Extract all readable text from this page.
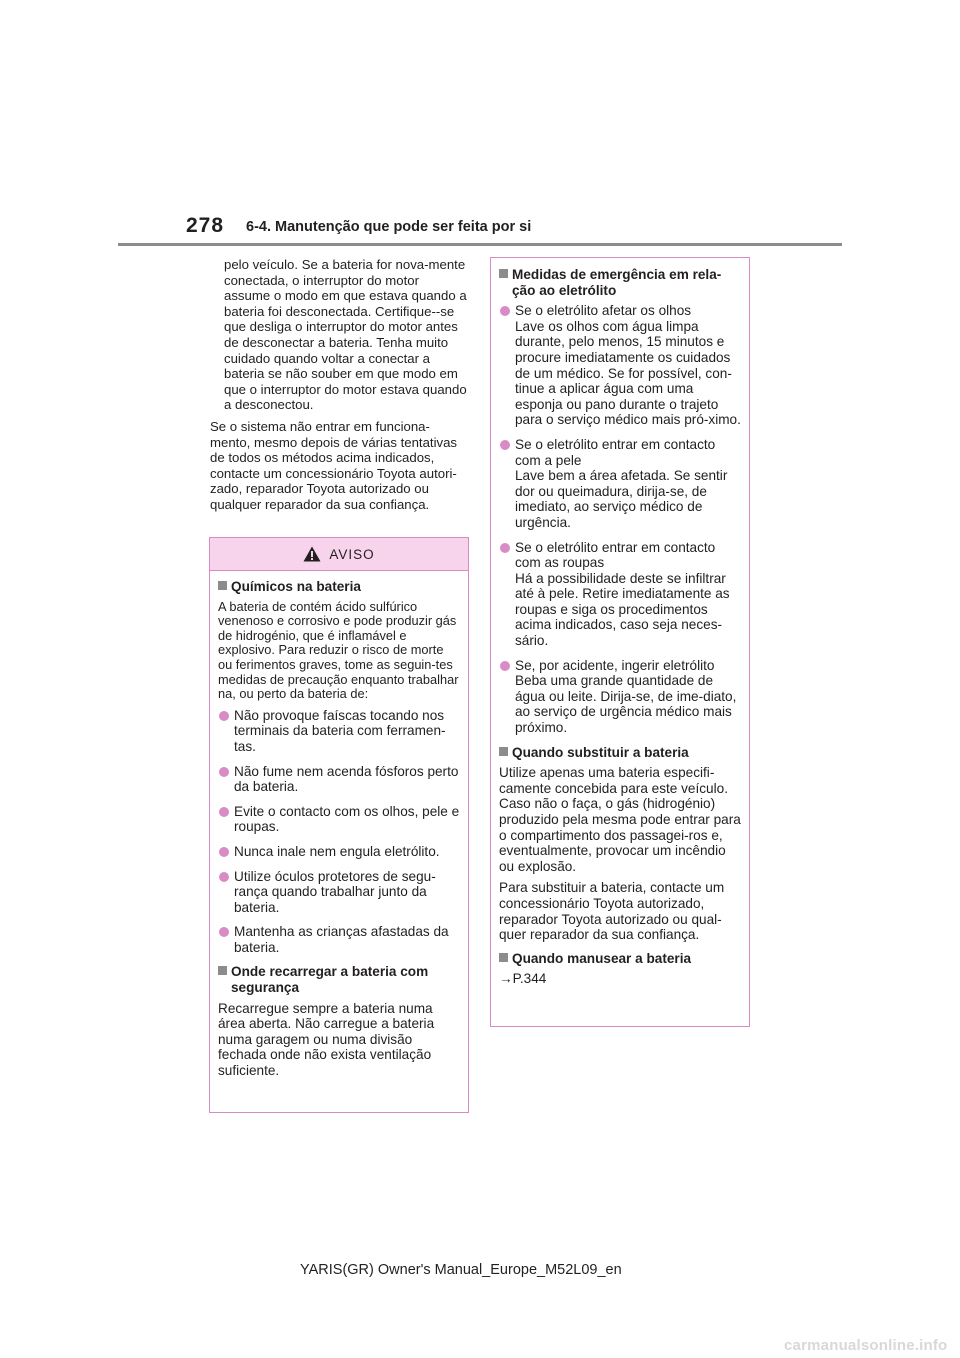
278 6-4. Manutenção que pode ser feita por si

pelo veículo. Se a bateria for nova-mente conectada, o interruptor do motor assume o modo em que estava quando a bateria foi desconectada. Certifique--se que desliga o interruptor do motor antes de desconectar a bateria. Tenha muito cuidado quando voltar a conectar a bateria se não souber em que modo em que o interruptor do motor estava quando a desconectou.

Se o sistema não entrar em funciona-mento, mesmo depois de várias tentativas de todos os métodos acima indicados, contacte um concessionário Toyota autori-zado, reparador Toyota autorizado ou qualquer reparador da sua confiança.

AVISO
Químicos na bateria

A bateria de contém ácido sulfúrico venenoso e corrosivo e pode produzir gás de hidrogénio, que é inflamável e explosivo. Para reduzir o risco de morte ou ferimentos graves, tome as seguin-tes medidas de precaução enquanto trabalhar na, ou perto da bateria de:

Não provoque faíscas tocando nos terminais da bateria com ferramen-tas.
Não fume nem acenda fósforos perto da bateria.
Evite o contacto com os olhos, pele e roupas.
Nunca inale nem engula eletrólito.
Utilize óculos protetores de segu-rança quando trabalhar junto da bateria.
Mantenha as crianças afastadas da bateria.
Onde recarregar a bateria com segurança

Recarregue sempre a bateria numa área aberta. Não carregue a bateria numa garagem ou numa divisão fechada onde não exista ventilação suficiente.

Medidas de emergência em rela-ção ao eletrólito
Se o eletrólito afetar os olhos
Lave os olhos com água limpa durante, pelo menos, 15 minutos e procure imediatamente os cuidados de um médico. Se for possível, con-tinue a aplicar água com uma esponja ou pano durante o trajeto para o serviço médico mais pró-ximo.
Se o eletrólito entrar em contacto com a pele
Lave bem a área afetada. Se sentir dor ou queimadura, dirija-se, de imediato, ao serviço médico de urgência.
Se o eletrólito entrar em contacto com as roupas
Há a possibilidade deste se infiltrar até à pele. Retire imediatamente as roupas e siga os procedimentos acima indicados, caso seja neces-sário.
Se, por acidente, ingerir eletrólito
Beba uma grande quantidade de água ou leite. Dirija-se, de ime-diato, ao serviço de urgência médico mais próximo.
Quando substituir a bateria

Utilize apenas uma bateria especifi-camente concebida para este veículo. Caso não o faça, o gás (hidrogénio) produzido pela mesma pode entrar para o compartimento dos passagei-ros e, eventualmente, provocar um incêndio ou explosão.

Para substituir a bateria, contacte um concessionário Toyota autorizado, reparador Toyota autorizado ou qual-quer reparador da sua confiança.

Quando manusear a bateria

→P.344

YARIS(GR) Owner's Manual_Europe_M52L09_en
carmanualsonline.info
